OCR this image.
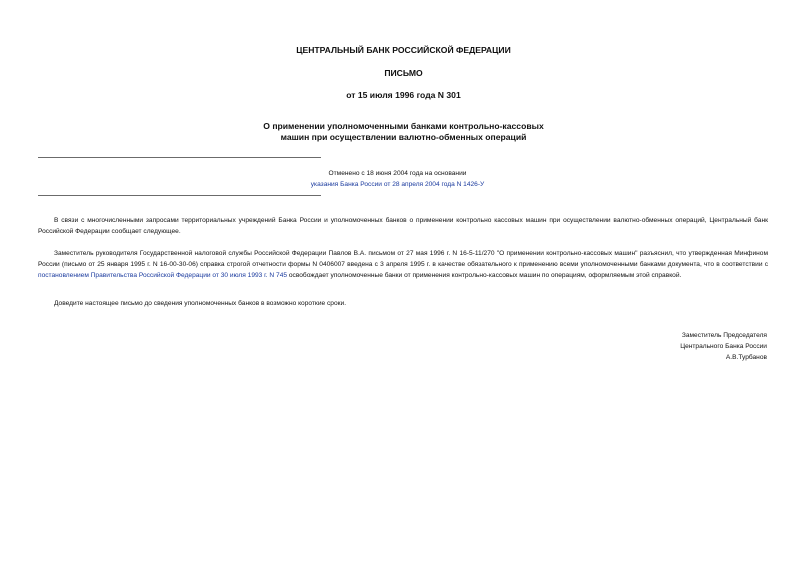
ЦЕНТРАЛЬНЫЙ БАНК РОССИЙСКОЙ ФЕДЕРАЦИИ
ПИСЬМО
от 15 июля 1996 года N 301
О применении уполномоченными банками контрольно-кассовых
машин при осуществлении валютно-обменных операций
Отменено с 18 июня 2004 года на основании
указания Банка России от 28 апреля 2004 года N 1426-У

В связи с многочисленными запросами территориальных учреждений Банка России и уполномоченных банков о применении контрольно кассовых машин при осуществлении валютно-обменных операций, Центральный банк Российской Федерации сообщает следующее.

Заместитель руководителя Государственной налоговой службы Российской Федерации Павлов В.А. письмом от 27 мая 1996 г. N 16-5-11/270 "О применении контрольно-кассовых машин" разъяснил, что утвержденная Минфином России (письмо от 25 января 1995 г. N 16-00-30-06) справка строгой отчетности формы N 0406007 введена с 3 апреля 1995 г. в качестве обязательного к применению всеми уполномоченными банками документа, что в соответствии с постановлением Правительства Российской Федерации от 30 июля 1993 г. N 745 освобождает уполномоченные банки от применения контрольно-кассовых машин по операциям, оформляемым этой справкой.

Доведите настоящее письмо до сведения уполномоченных банков в возможно короткие сроки.

Заместитель Председателя
Центрального Банка России
А.В.Турбанов
